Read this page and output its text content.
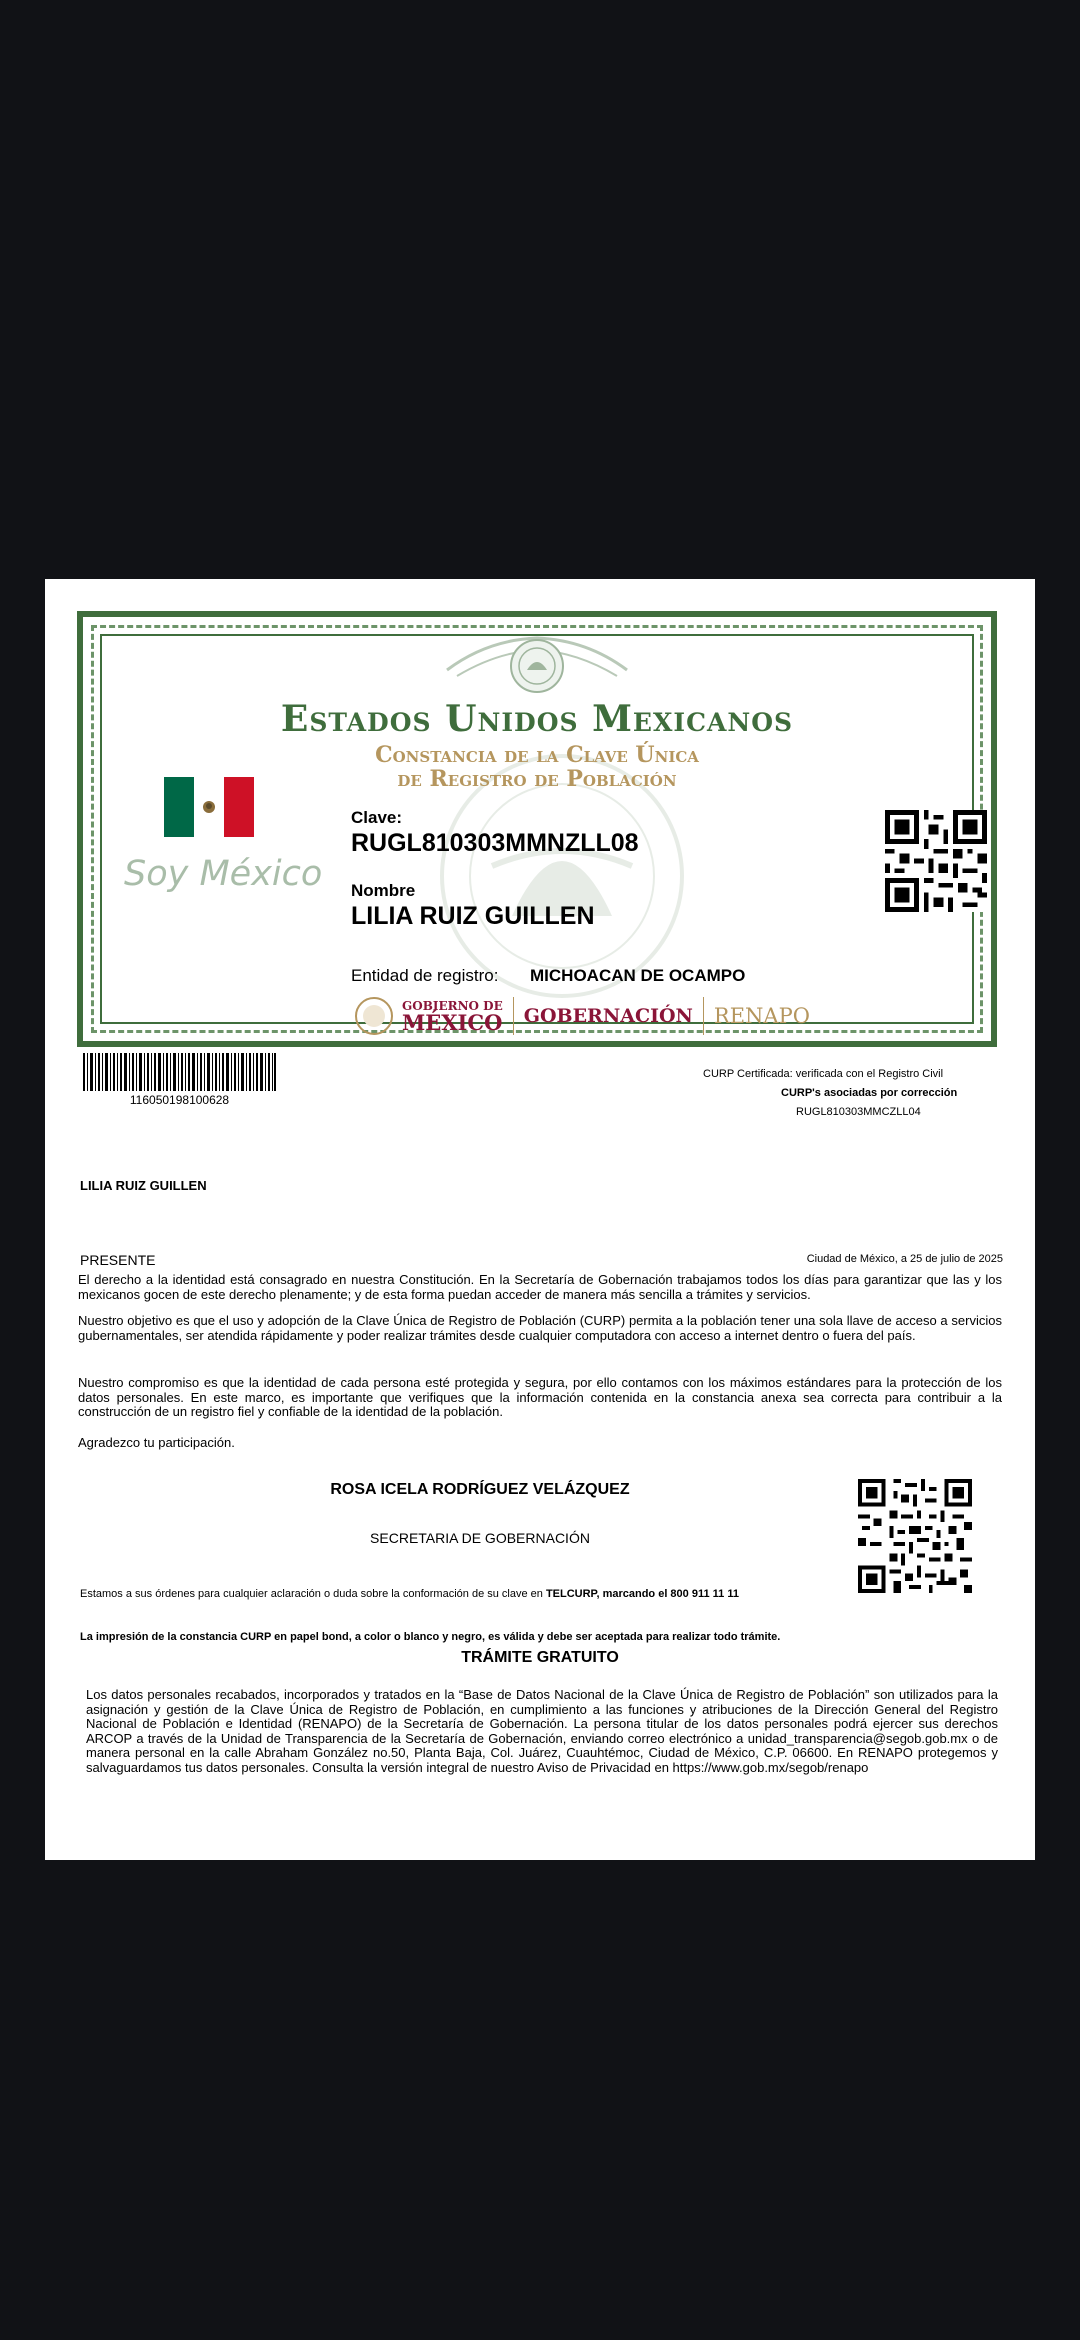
Estados Unidos Mexicanos
Constancia de la Clave Única
de Registro de Población
Soy México
Clave:
RUGL810303MMNZLL08
Nombre
LILIA RUIZ GUILLEN
Entidad de registro: MICHOACAN DE OCAMPO
GOBIERNO DE
MÉXICO GOBERNACIÓN RENAPO
116050198100628
CURP Certificada: verificada con el Registro Civil
CURP's asociadas por corrección
RUGL810303MMCZLL04
LILIA RUIZ GUILLEN
PRESENTE	Ciudad de México, a 25 de julio de 2025
El derecho a la identidad está consagrado en nuestra Constitución. En la Secretaría de Gobernación trabajamos todos los días para garantizar que las y los mexicanos gocen de este derecho plenamente; y de esta forma puedan acceder de manera más sencilla a trámites y servicios.
Nuestro objetivo es que el uso y adopción de la Clave Única de Registro de Población (CURP) permita a la población tener una sola llave de acceso a servicios gubernamentales, ser atendida rápidamente y poder realizar trámites desde cualquier computadora con acceso a internet dentro o fuera del país.
Nuestro compromiso es que la identidad de cada persona esté protegida y segura, por ello contamos con los máximos estándares para la protección de los datos personales. En este marco, es importante que verifiques que la información contenida en la constancia anexa sea correcta para contribuir a la construcción de un registro fiel y confiable de la identidad de la población.
Agradezco tu participación.
ROSA ICELA RODRÍGUEZ VELÁZQUEZ
SECRETARIA DE GOBERNACIÓN
Estamos a sus órdenes para cualquier aclaración o duda sobre la conformación de su clave en TELCURP, marcando el 800 911 11 11
La impresión de la constancia CURP en papel bond, a color o blanco y negro, es válida y debe ser aceptada para realizar todo trámite.
TRÁMITE GRATUITO
Los datos personales recabados, incorporados y tratados en la “Base de Datos Nacional de la Clave Única de Registro de Población” son utilizados para la asignación y gestión de la Clave Única de Registro de Población, en cumplimiento a las funciones y atribuciones de la Dirección General del Registro Nacional de Población e Identidad (RENAPO) de la Secretaría de Gobernación. La persona titular de los datos personales podrá ejercer sus derechos ARCOP a través de la Unidad de Transparencia de la Secretaría de Gobernación, enviando correo electrónico a unidad_transparencia@segob.gob.mx o de manera personal en la calle Abraham González no.50, Planta Baja, Col. Juárez, Cuauhtémoc, Ciudad de México, C.P. 06600. En RENAPO protegemos y salvaguardamos tus datos personales. Consulta la versión integral de nuestro Aviso de Privacidad en https://www.gob.mx/segob/renapo
